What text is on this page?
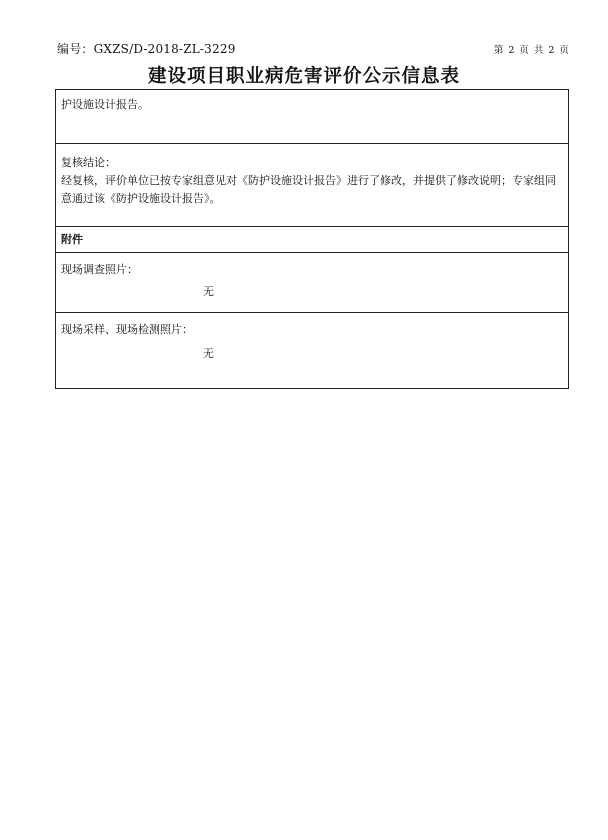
编号：GXZS/D-2018-ZL-3229	第 2 页 共 2 页
建设项目职业病危害评价公示信息表
护设施设计报告。
复核结论：
经复核，评价单位已按专家组意见对《防护设施设计报告》进行了修改，并提供了修改说明；专家组同意通过该《防护设施设计报告》。
附件
现场调查照片：
无
现场采样、现场检测照片：
无
